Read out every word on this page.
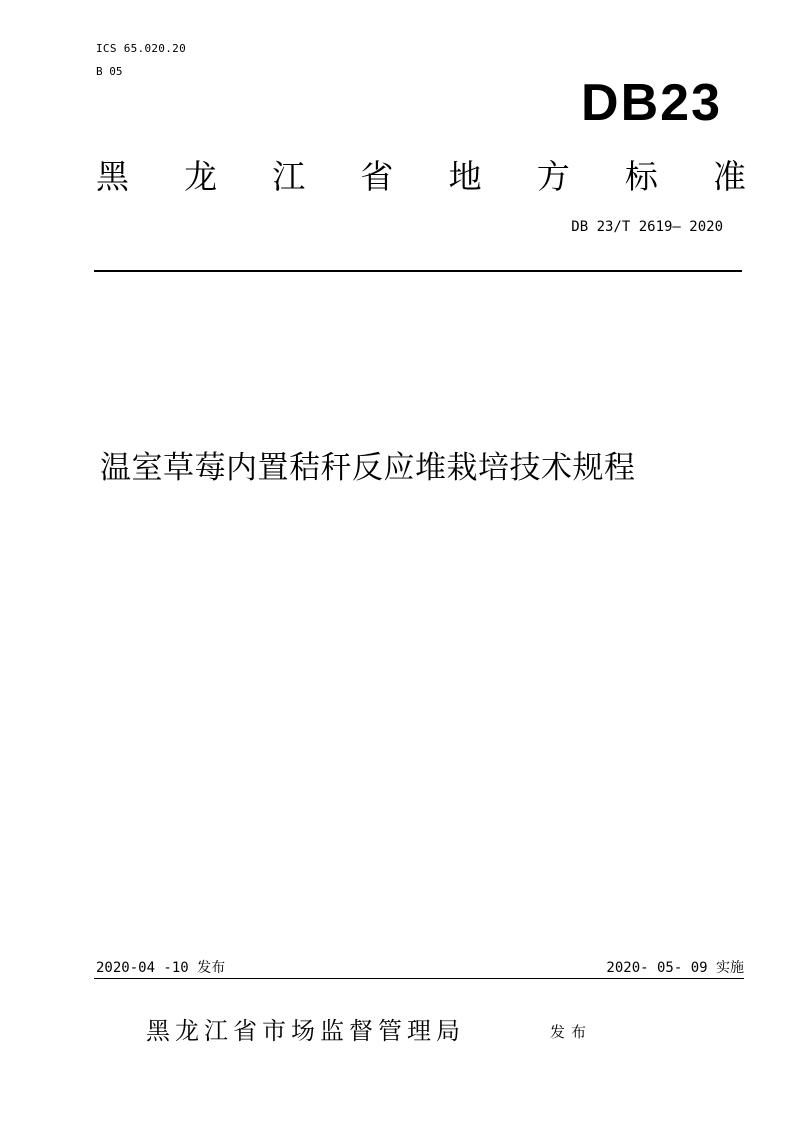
ICS 65.020.20
B 05
DB23
黑 龙 江 省 地 方 标 准
DB 23/T 2619— 2020
温室草莓内置秸秆反应堆栽培技术规程
2020-04 -10 发布	2020- 05- 09 实施
黑龙江省市场监督管理局	发布
